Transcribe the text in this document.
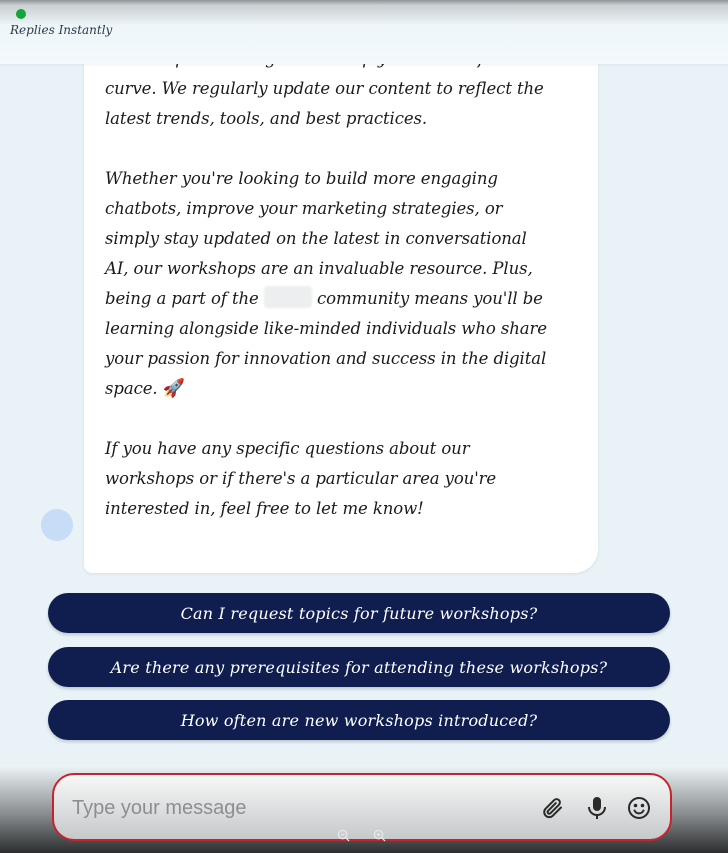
Replies Instantly

curve. We regularly update our content to reflect the
latest trends, tools, and best practices.

Whether you're looking to build more engaging
chatbots, improve your marketing strategies, or
simply stay updated on the latest in conversational
AI, our workshops are an invaluable resource. Plus,
being a part of the	community means you'll be
learning alongside like-minded individuals who share
your passion for innovation and success in the digital
space. 🚀

If you have any specific questions about our
workshops or if there's a particular area you're
interested in, feel free to let me know!
Can I request topics for future workshops?
Are there any prerequisites for attending these workshops?
How often are new workshops introduced?
Type your message
